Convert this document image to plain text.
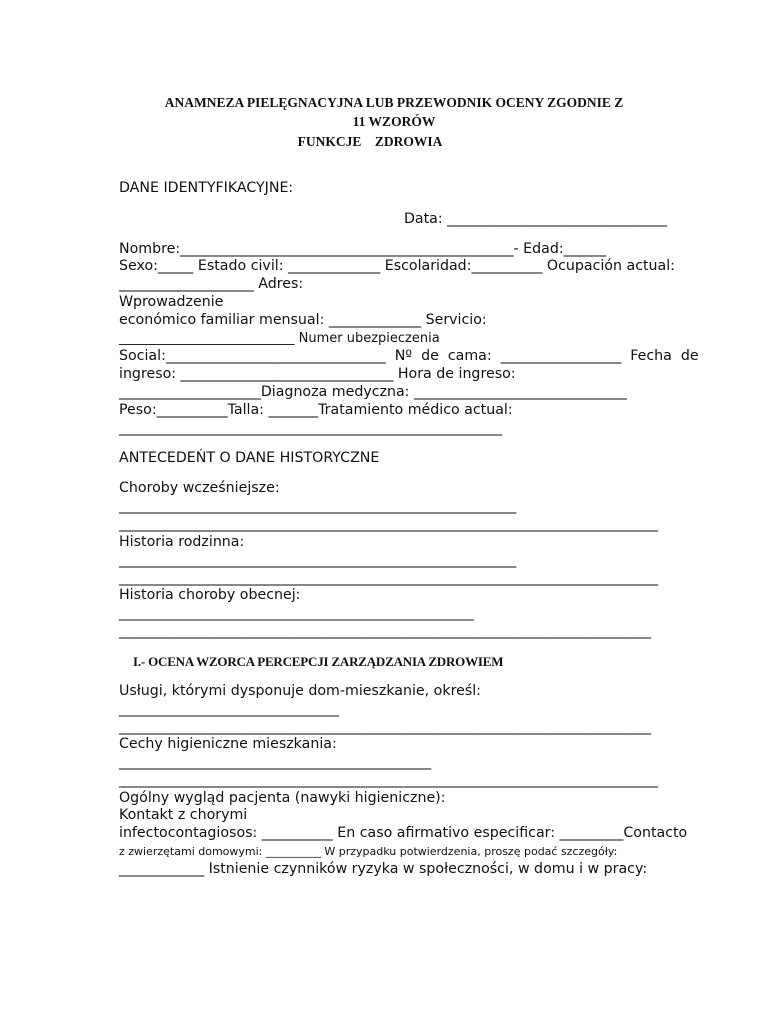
ANAMNEZA PIELĘGNACYJNA LUB PRZEWODNIK OCENY ZGODNIE Z
11 WZORÓW
FUNKCJE    ZDROWIA
DANE IDENTYFIKACYJNE:
Data: _______________________________
Nombre:_______________________________________________- Edad:______
Sexo:_____ Estado civil: _____________ Escolaridad:__________ Ocupación actual:
___________________ Adres:
Wprowadzenie
económico familiar mensual: _____________ Servicio:
___________________________ Numer ubezpieczenia
Social:_______________________________  Nº  de  cama:  _________________  Fecha  de
ingreso: ______________________________ Hora de ingreso:
____________________Diagnoza medyczna: ______________________________
Peso:__________Talla: _______Tratamiento médico actual:
______________________________________________________
ANTECEDEŃT O DANE HISTORYCZNE
Choroby wcześniejsze:
________________________________________________________
____________________________________________________________________________
Historia rodzinna:
________________________________________________________
____________________________________________________________________________
Historia choroby obecnej:
__________________________________________________
___________________________________________________________________________
I.- OCENA WZORCA PERCEPCJI ZARZĄDZANIA ZDROWIEM
Usługi, którymi dysponuje dom-mieszkanie, określ:
_______________________________
___________________________________________________________________________
Cechy higieniczne mieszkania:
____________________________________________
____________________________________________________________________________
Ogólny wygląd pacjenta (nawyki higieniczne):
Kontakt z chorymi
infectocontagiosos: __________ En caso afirmativo especificar: _________Contacto
z zwierzętami domowymi: __________ W przypadku potwierdzenia, proszę podać szczegóły:
____________ Istnienie czynników ryzyka w społeczności, w domu i w pracy:
